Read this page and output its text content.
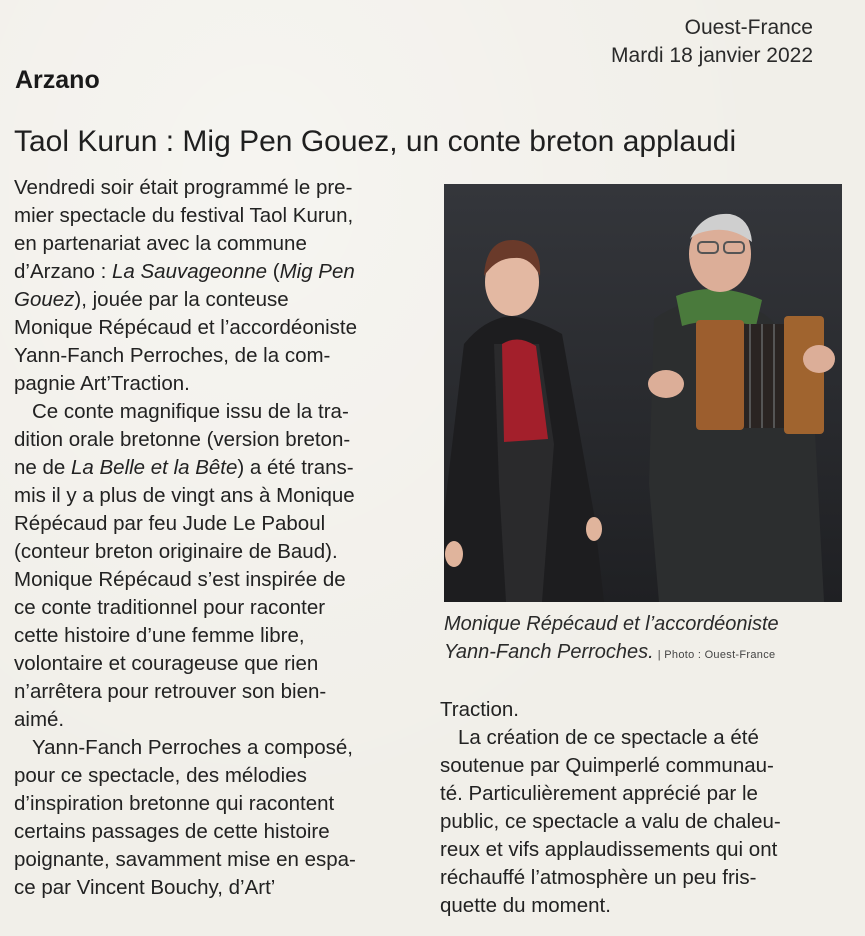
Ouest-France
Mardi 18 janvier 2022
Arzano
Taol Kurun : Mig Pen Gouez, un conte breton applaudi

Vendredi soir était programmé le pre-
mier spectacle du festival Taol Kurun,
en partenariat avec la commune
d’Arzano : La Sauvageonne (Mig Pen
Gouez), jouée par la conteuse
Monique Répécaud et l’accordéoniste
Yann-Fanch Perroches, de la com-
pagnie Art’Traction.

Ce conte magnifique issu de la tra-
dition orale bretonne (version breton-
ne de La Belle et la Bête) a été trans-
mis il y a plus de vingt ans à Monique
Répécaud par feu Jude Le Paboul
(conteur breton originaire de Baud).
Monique Répécaud s’est inspirée de
ce conte traditionnel pour raconter
cette histoire d’une femme libre,
volontaire et courageuse que rien
n’arrêtera pour retrouver son bien-
aimé.

Yann-Fanch Perroches a composé,
pour ce spectacle, des mélodies
d’inspiration bretonne qui racontent
certains passages de cette histoire
poignante, savamment mise en espa-
ce par Vincent Bouchy, d’Art’

Monique Répécaud et l’accordéoniste
Yann-Fanch Perroches. | Photo : Ouest-France

Traction.

La création de ce spectacle a été
soutenue par Quimperlé communau-
té. Particulièrement apprécié par le
public, ce spectacle a valu de chaleu-
reux et vifs applaudissements qui ont
réchauffé l’atmosphère un peu fris-
quette du moment.
